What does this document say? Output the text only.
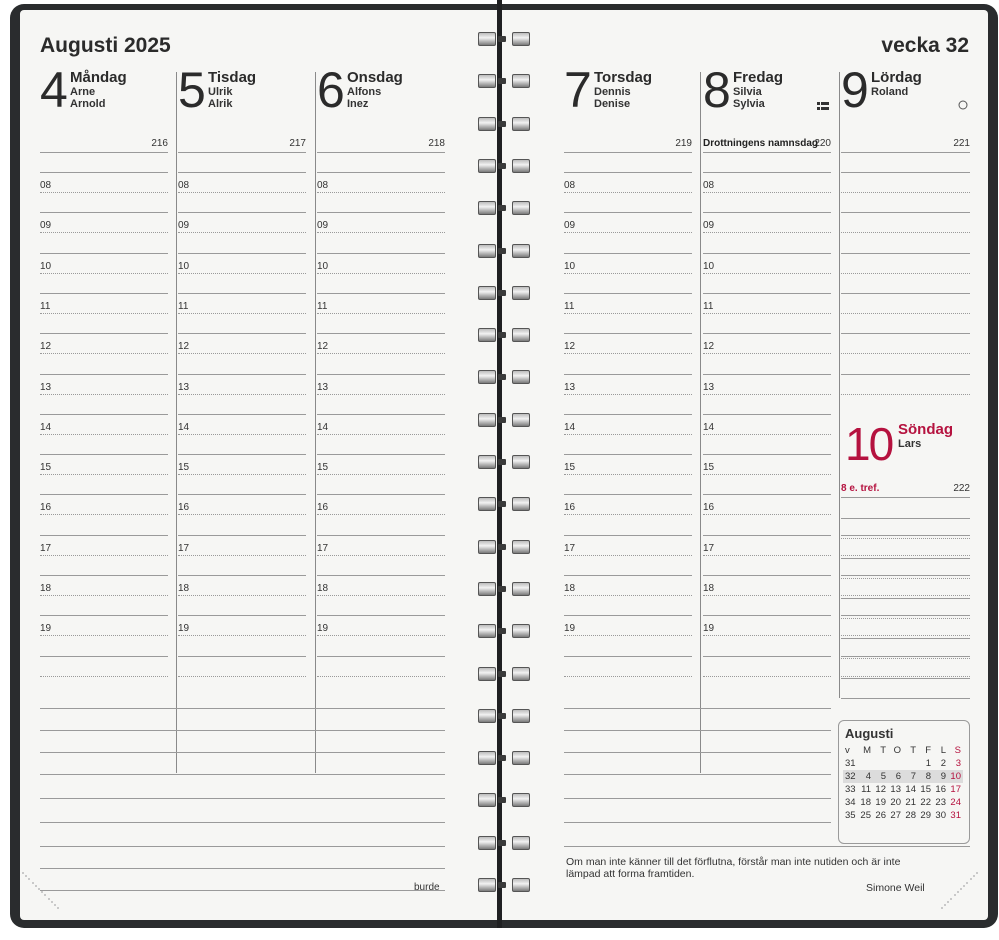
Augusti 2025	vecka 32
4 Måndag
Arne
Arnold
216
5 Tisdag
Ulrik
Alrik
217
6 Onsdag
Alfons
Inez
218
7 Torsdag
Dennis
Denise
219
8 Fredag
Silvia
Sylvia
220
Drottningens namnsdag
9 Lördag
Roland
221
10 Söndag
Lars
8 e. tref.	222
08
09
10
11
12
13
14
15
16
17
18
19
08
09
10
11
12
13
14
15
16
17
18
19
08
09
10
11
12
13
14
15
16
17
18
19
08
09
10
11
12
13
14
15
16
17
18
19
08
09
10
11
12
13
14
15
16
17
18
19
Augusti
v	M	T	O	T	F	L	S
31					1	2	3
32	4	5	6	7	8	9	10
33	11	12	13	14	15	16	17
34	18	19	20	21	22	23	24
35	25	26	27	28	29	30	31
Om man inte känner till det förflutna, förstår man inte nutiden och är inte lämpad att forma framtiden.
Simone Weil
burde
